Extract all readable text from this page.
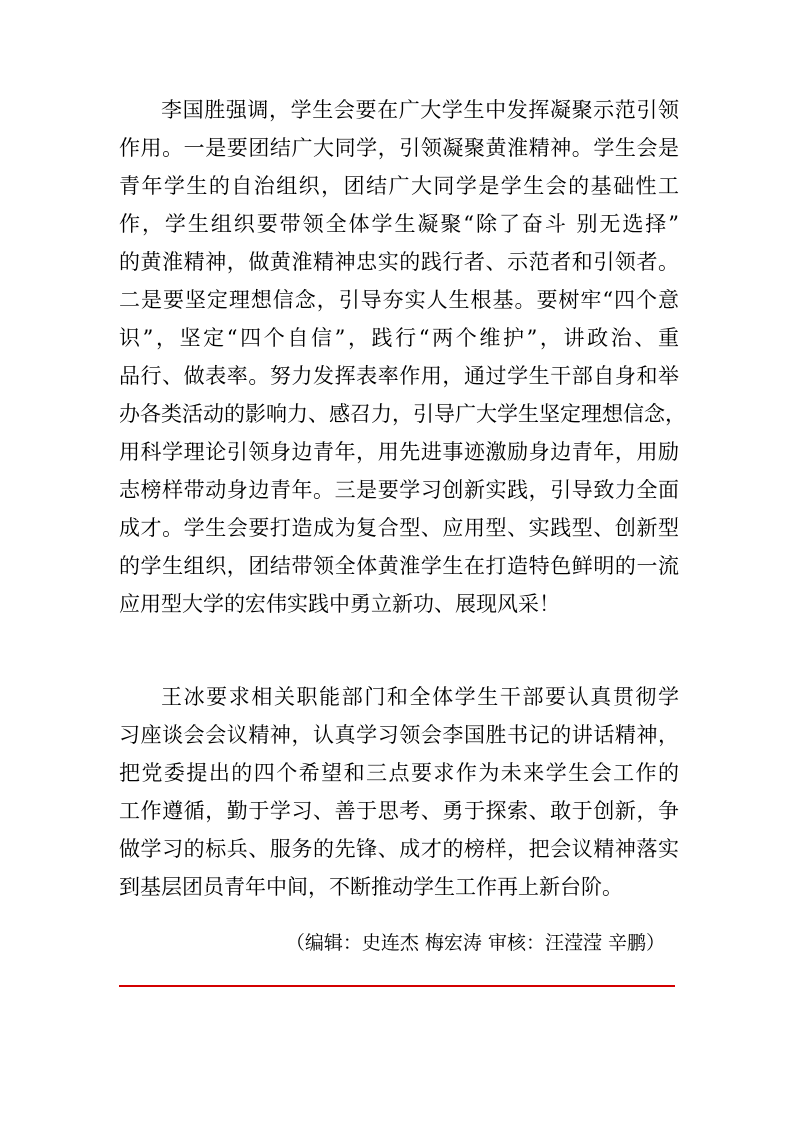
李国胜强调，学生会要在广大学生中发挥凝聚示范引领
作用。一是要团结广大同学，引领凝聚黄淮精神。学生会是
青年学生的自治组织，团结广大同学是学生会的基础性工
作，学生组织要带领全体学生凝聚“除了奋斗 别无选择”
的黄淮精神，做黄淮精神忠实的践行者、示范者和引领者。
二是要坚定理想信念，引导夯实人生根基。要树牢“四个意
识”，坚定“四个自信”，践行“两个维护”，讲政治、重
品行、做表率。努力发挥表率作用，通过学生干部自身和举
办各类活动的影响力、感召力，引导广大学生坚定理想信念，
用科学理论引领身边青年，用先进事迹激励身边青年，用励
志榜样带动身边青年。三是要学习创新实践，引导致力全面
成才。学生会要打造成为复合型、应用型、实践型、创新型
的学生组织，团结带领全体黄淮学生在打造特色鲜明的一流
应用型大学的宏伟实践中勇立新功、展现风采！
王冰要求相关职能部门和全体学生干部要认真贯彻学
习座谈会会议精神，认真学习领会李国胜书记的讲话精神，
把党委提出的四个希望和三点要求作为未来学生会工作的
工作遵循，勤于学习、善于思考、勇于探索、敢于创新，争
做学习的标兵、服务的先锋、成才的榜样，把会议精神落实
到基层团员青年中间，不断推动学生工作再上新台阶。
（编辑：史连杰 梅宏涛 审核：汪滢滢 辛鹏）
